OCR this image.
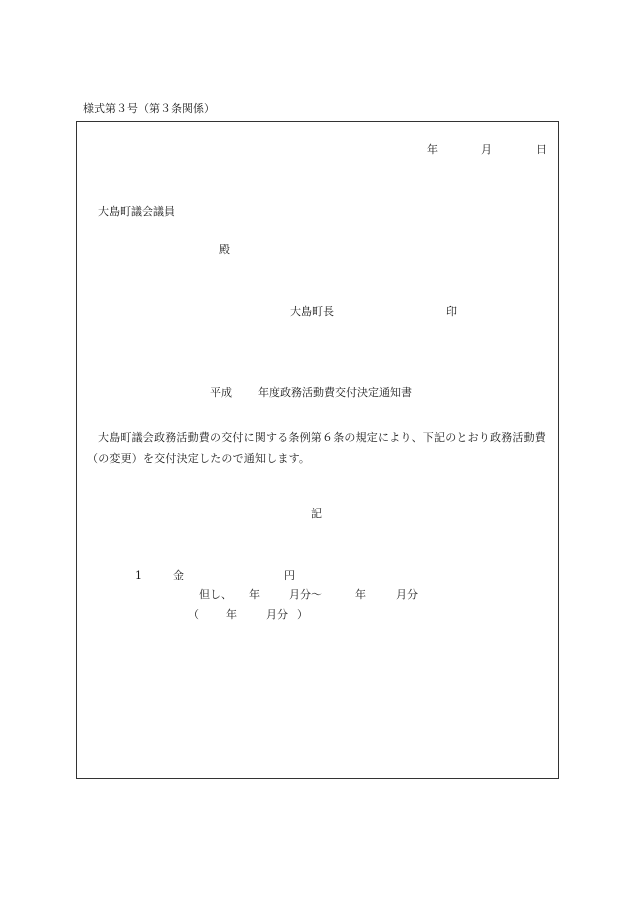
様式第３号（第３条関係）
年	月	日
大島町議会議員
殿
大島町長	印
平成 年度政務活動費交付決定通知書

大島町議会政務活動費の交付に関する条例第６条の規定により、下記のとおり政務活動費（の変更）を交付決定したので通知します。

記
1	金	円
但し、 年	月分～	年	月分
（ 年	月分 ）
